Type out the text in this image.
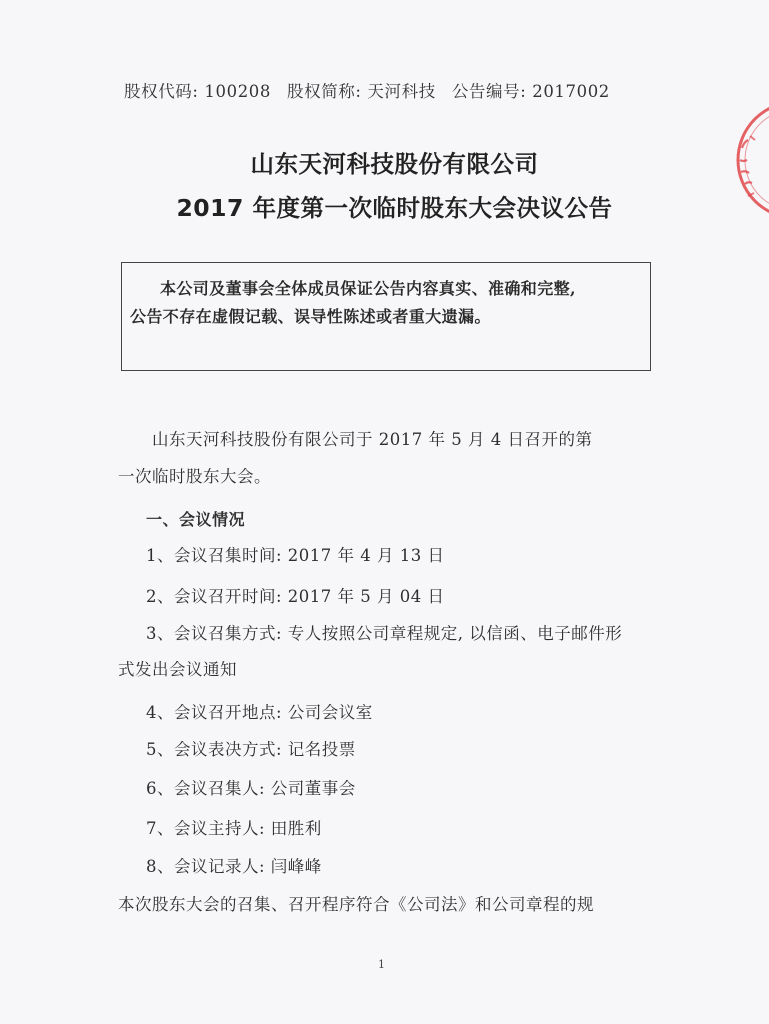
股权代码: 100208 股权简称: 天河科技 公告编号: 2017002
山东天河科技股份有限公司
2017 年度第一次临时股东大会决议公告
本公司及董事会全体成员保证公告内容真实、准确和完整,
公告不存在虚假记载、误导性陈述或者重大遗漏。
山东天河科技股份有限公司于 2017 年 5 月 4 日召开的第
一次临时股东大会。
一、会议情况
1、会议召集时间: 2017 年 4 月 13 日
2、会议召开时间: 2017 年 5 月 04 日
3、会议召集方式: 专人按照公司章程规定, 以信函、电子邮件形
式发出会议通知
4、会议召开地点: 公司会议室
5、会议表决方式: 记名投票
6、会议召集人: 公司董事会
7、会议主持人: 田胜利
8、会议记录人: 闫峰峰
本次股东大会的召集、召开程序符合《公司法》和公司章程的规
1
